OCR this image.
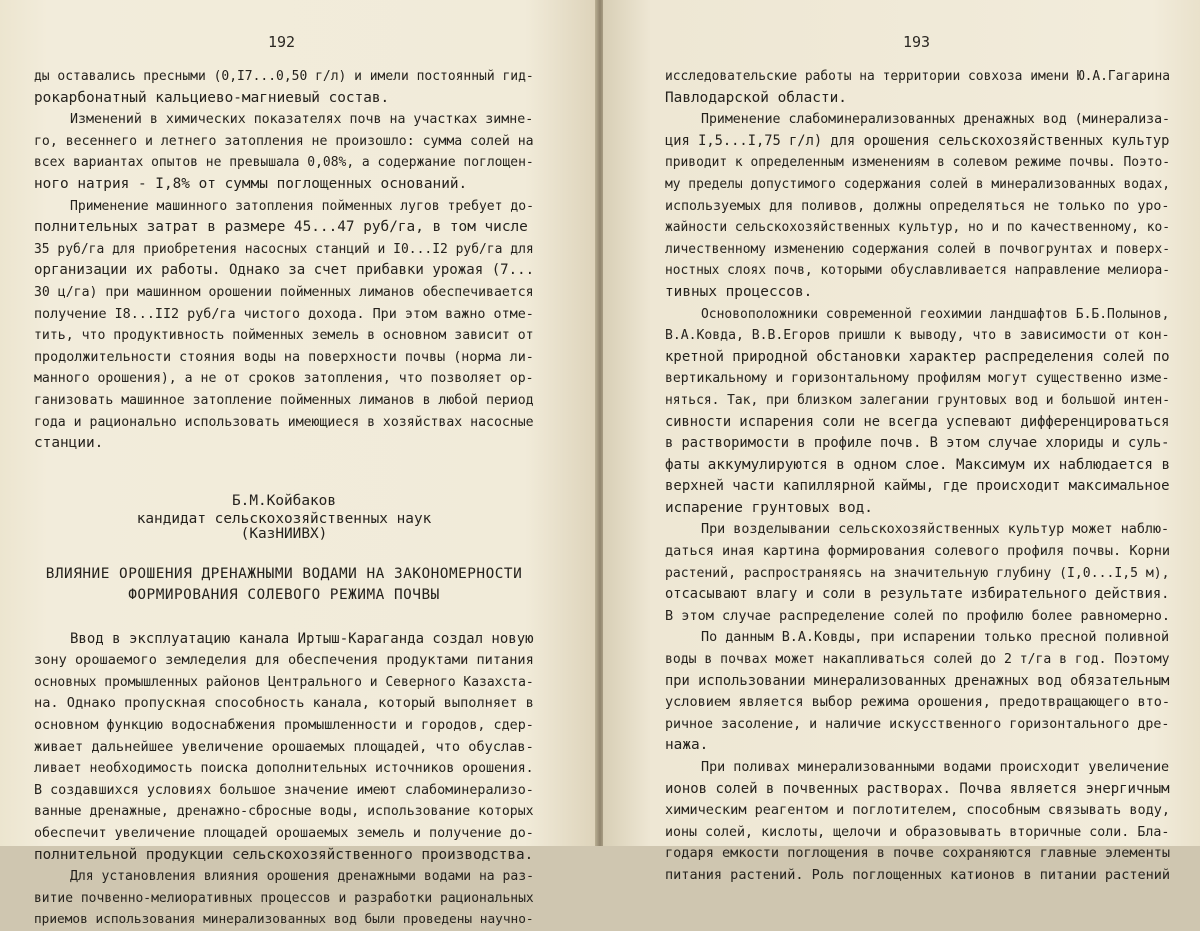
192
ды оставались пресными (0,I7...0,50 г/л) и имели постоянный гид-
рокарбонатный кальциево-магниевый состав.
Изменений в химических показателях почв на участках зимне-
го, весеннего и летнего затопления не произошло: сумма солей на
всех вариантах опытов не превышала 0,08%, а содержание поглощен-
ного натрия - I,8% от суммы поглощенных оснований.
Применение машинного затопления пойменных лугов требует до-
полнительных затрат в размере 45...47 руб/га, в том числе
35 руб/га для приобретения насосных станций и I0...I2 руб/га для
организации их работы. Однако за счет прибавки урожая (7...
30 ц/га) при машинном орошении пойменных лиманов обеспечивается
получение I8...II2 руб/га чистого дохода. При этом важно отме-
тить, что продуктивность пойменных земель в основном зависит от
продолжительности стояния воды на поверхности почвы (норма ли-
манного орошения), а не от сроков затопления, что позволяет ор-
ганизовать машинное затопление пойменных лиманов в любой период
года и рационально использовать имеющиеся в хозяйствах насосные
станции.
Б.М.Койбаков
кандидат сельскохозяйственных наук
(КазНИИВХ)
ВЛИЯНИЕ ОРОШЕНИЯ ДРЕНАЖНЫМИ ВОДАМИ НА ЗАКОНОМЕРНОСТИ
ФОРМИРОВАНИЯ СОЛЕВОГО РЕЖИМА ПОЧВЫ
Ввод в эксплуатацию канала Иртыш-Караганда создал новую
зону орошаемого земледелия для обеспечения продуктами питания
основных промышленных районов Центрального и Северного Казахста-
на. Однако пропускная способность канала, который выполняет в
основном функцию водоснабжения промышленности и городов, сдер-
живает дальнейшее увеличение орошаемых площадей, что обуслав-
ливает необходимость поиска дополнительных источников орошения.
В создавшихся условиях большое значение имеют слабоминерализо-
ванные дренажные, дренажно-сбросные воды, использование которых
обеспечит увеличение площадей орошаемых земель и получение до-
полнительной продукции сельскохозяйственного производства.
Для установления влияния орошения дренажными водами на раз-
витие почвенно-мелиоративных процессов и разработки рациональных
приемов использования минерализованных вод были проведены научно-
193
исследовательские работы на территории совхоза имени Ю.А.Гагарина
Павлодарской области.
Применение слабоминерализованных дренажных вод (минерализа-
ция I,5...I,75 г/л) для орошения сельскохозяйственных культур
приводит к определенным изменениям в солевом режиме почвы. Поэто-
му пределы допустимого содержания солей в минерализованных водах,
используемых для поливов, должны определяться не только по уро-
жайности сельскохозяйственных культур, но и по качественному, ко-
личественному изменению содержания солей в почвогрунтах и поверх-
ностных слоях почв, которыми обуславливается направление мелиора-
тивных процессов.
Основоположники современной геохимии ландшафтов Б.Б.Полынов,
В.А.Ковда, В.В.Егоров пришли к выводу, что в зависимости от кон-
кретной природной обстановки характер распределения солей по
вертикальному и горизонтальному профилям могут существенно изме-
няться. Так, при близком залегании грунтовых вод и большой интен-
сивности испарения соли не всегда успевают дифференцироваться
в растворимости в профиле почв. В этом случае хлориды и суль-
фаты аккумулируются в одном слое. Максимум их наблюдается в
верхней части капиллярной каймы, где происходит максимальное
испарение грунтовых вод.
При возделывании сельскохозяйственных культур может наблю-
даться иная картина формирования солевого профиля почвы. Корни
растений, распространяясь на значительную глубину (I,0...I,5 м),
отсасывают влагу и соли в результате избирательного действия.
В этом случае распределение солей по профилю более равномерно.
По данным В.А.Ковды, при испарении только пресной поливной
воды в почвах может накапливаться солей до 2 т/га в год. Поэтому
при использовании минерализованных дренажных вод обязательным
условием является выбор режима орошения, предотвращающего вто-
ричное засоление, и наличие искусственного горизонтального дре-
нажа.
При поливах минерализованными водами происходит увеличение
ионов солей в почвенных растворах. Почва является энергичным
химическим реагентом и поглотителем, способным связывать воду,
ионы солей, кислоты, щелочи и образовывать вторичные соли. Бла-
годаря емкости поглощения в почве сохраняются главные элементы
питания растений. Роль поглощенных катионов в питании растений
